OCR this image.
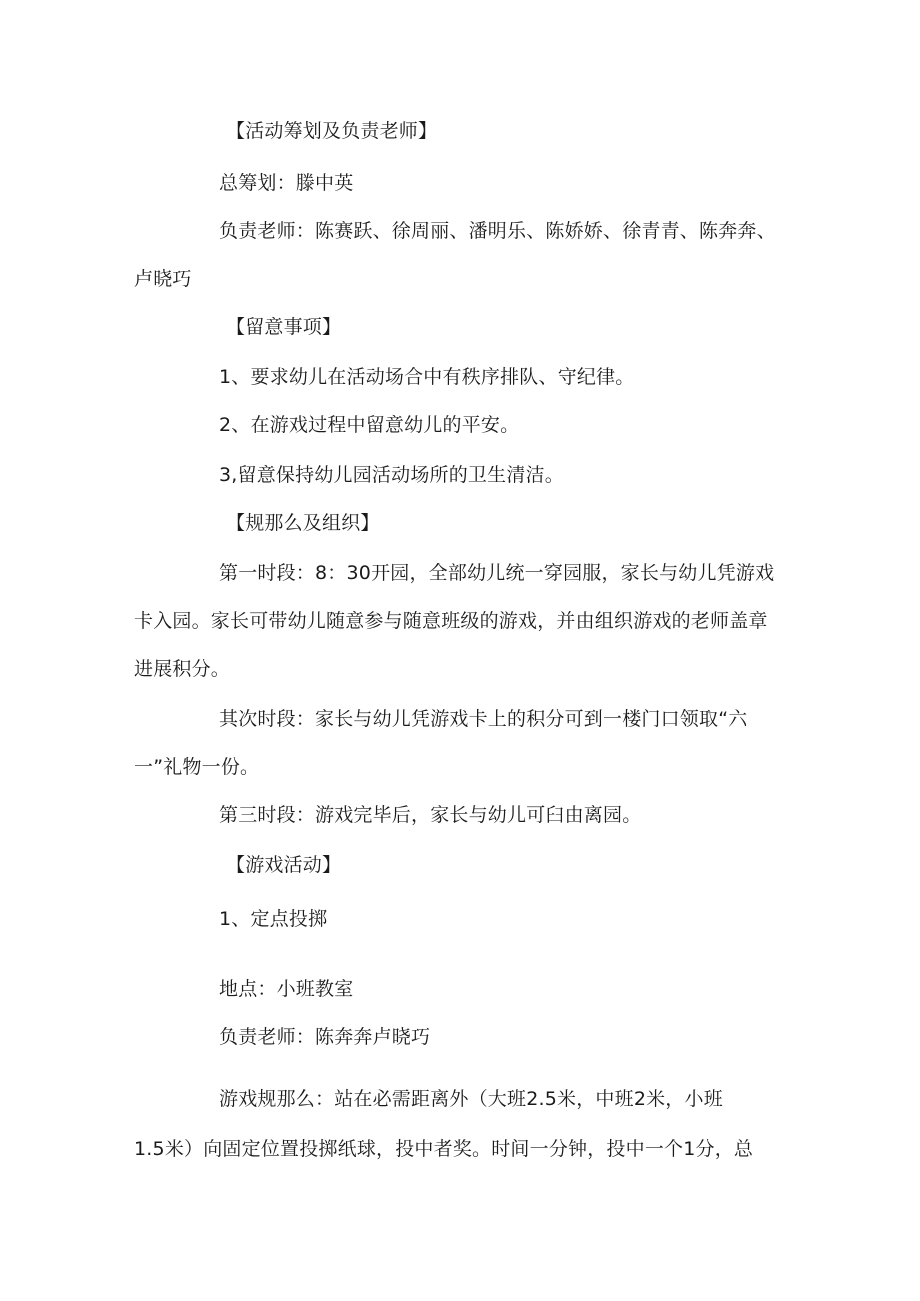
【活动筹划及负责老师】
总筹划：滕中英
负责老师：陈赛跃、徐周丽、潘明乐、陈娇娇、徐青青、陈奔奔、
卢晓巧
【留意事项】
1、要求幼儿在活动场合中有秩序排队、守纪律。
2、在游戏过程中留意幼儿的平安。
3,留意保持幼儿园活动场所的卫生清洁。
【规那么及组织】
第一时段：8：30开园，全部幼儿统一穿园服，家长与幼儿凭游戏
卡入园。家长可带幼儿随意参与随意班级的游戏，并由组织游戏的老师盖章
进展积分。
其次时段：家长与幼儿凭游戏卡上的积分可到一楼门口领取“六
一”礼物一份。
第三时段：游戏完毕后，家长与幼儿可臼由离园。
【游戏活动】
1、定点投掷
地点：小班教室
负责老师：陈奔奔卢晓巧
游戏规那么：站在必需距离外（大班2.5米，中班2米，小班
1.5米）向固定位置投掷纸球，投中者奖。时间一分钟，投中一个1分，总
